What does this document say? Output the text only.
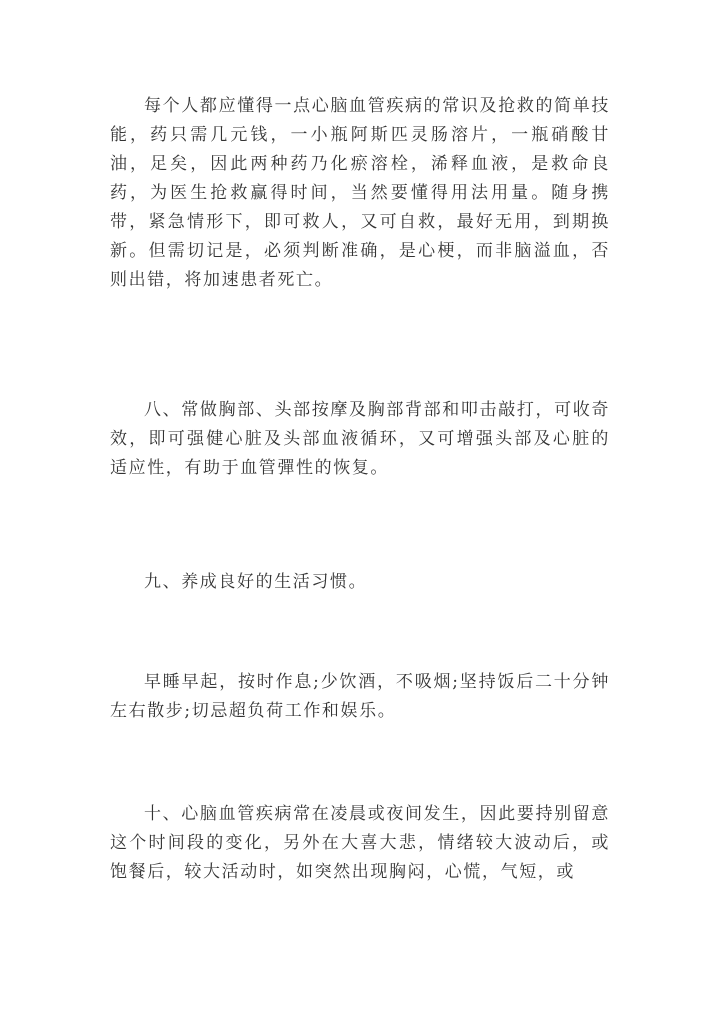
每个人都应懂得一点心脑血管疾病的常识及抢救的简单技能，药只需几元钱，一小瓶阿斯匹灵肠溶片，一瓶硝酸甘油，足矣，因此两种药乃化瘀溶栓，浠释血液，是救命良药，为医生抢救赢得时间，当然要懂得用法用量。随身携带，紧急情形下，即可救人，又可自救，最好无用，到期换新。但需切记是，必须判断准确，是心梗，而非脑溢血，否则出错，将加速患者死亡。

八、常做胸部、头部按摩及胸部背部和叩击敲打，可收奇效，即可强健心脏及头部血液循环，又可增强头部及心脏的适应性，有助于血管彈性的恢复。

九、养成良好的生活习惯。

早睡早起，按时作息;少饮酒，不吸烟;坚持饭后二十分钟左右散步;切忌超负荷工作和娱乐。

十、心脑血管疾病常在凌晨或夜间发生，因此要持别留意这个时间段的变化，另外在大喜大悲，情绪较大波动后，或饱餐后，较大活动时，如突然出现胸闷，心慌，气短，或
